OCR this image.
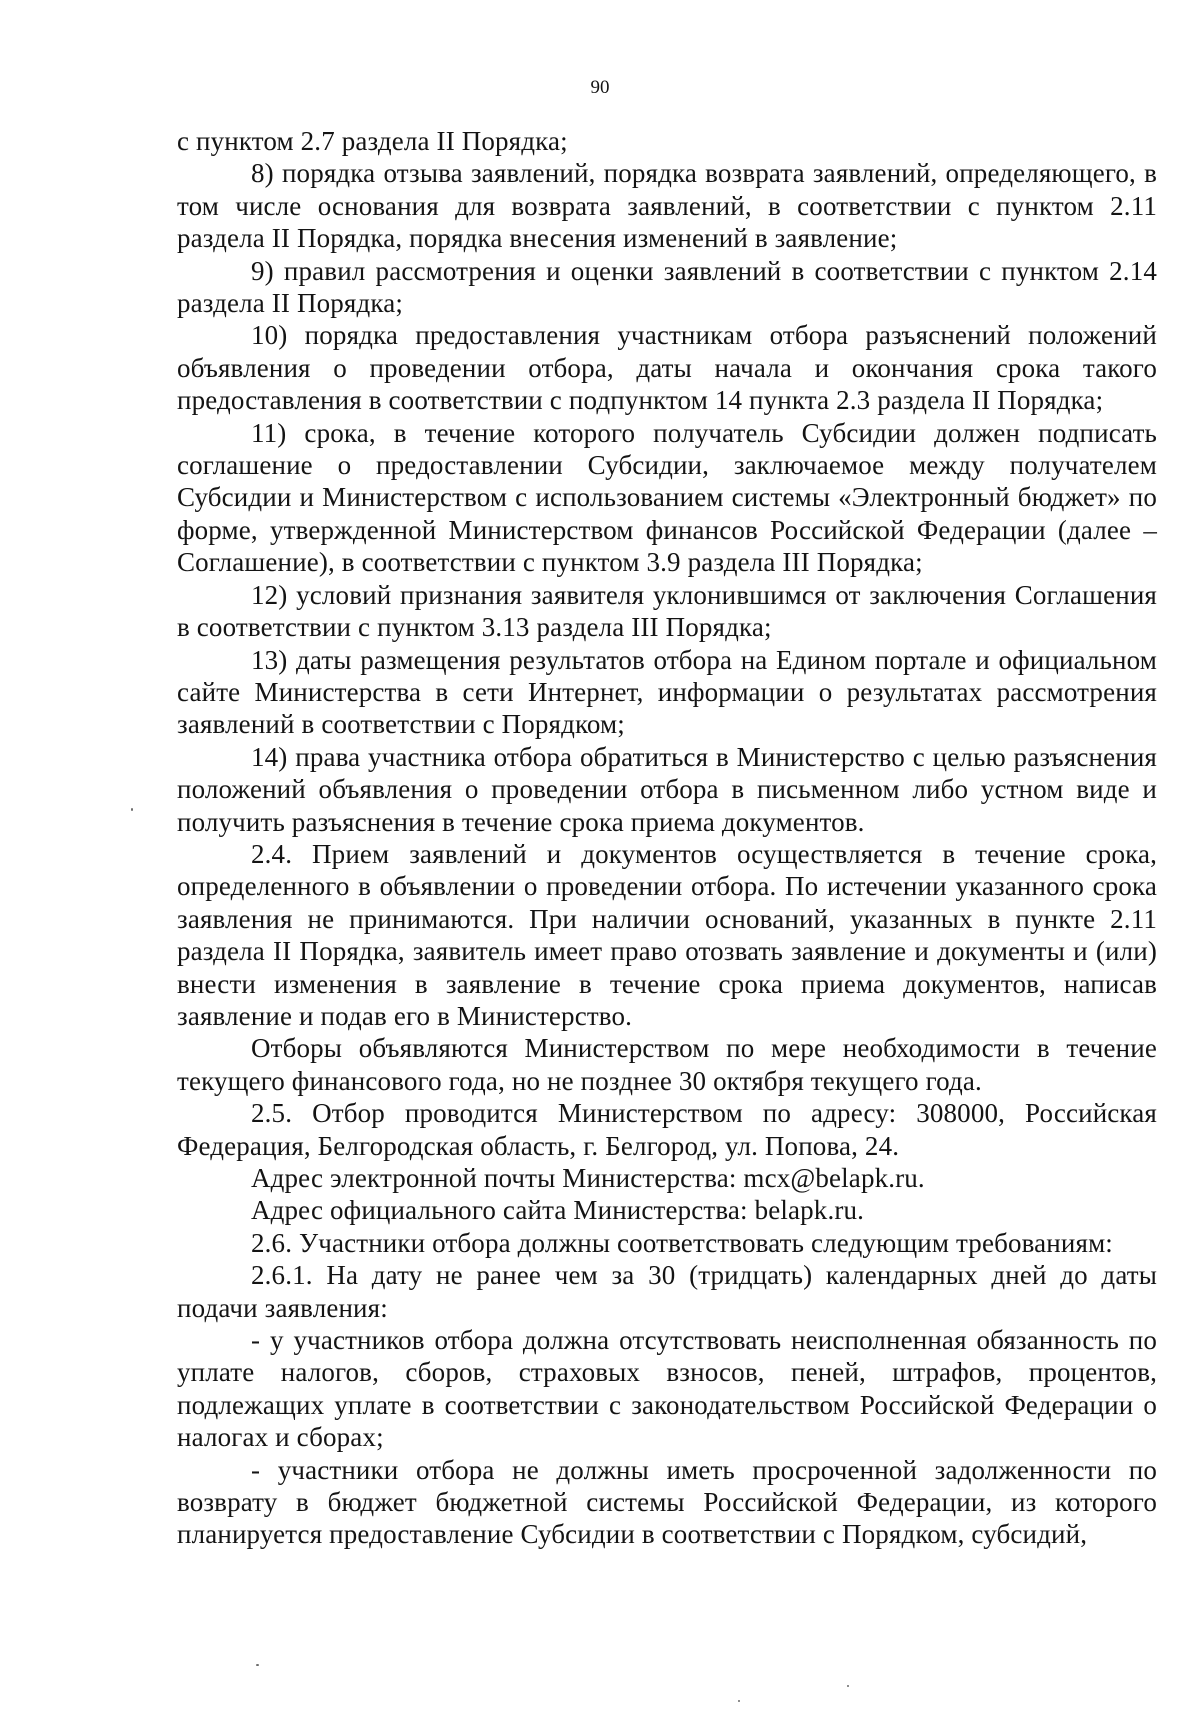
90

с пунктом 2.7 раздела II Порядка;

8) порядка отзыва заявлений, порядка возврата заявлений, определяющего, в том числе основания для возврата заявлений, в соответствии с пунктом 2.11 раздела II Порядка, порядка внесения изменений в заявление;

9) правил рассмотрения и оценки заявлений в соответствии с пунктом 2.14 раздела II Порядка;

10) порядка предоставления участникам отбора разъяснений положений объявления о проведении отбора, даты начала и окончания срока такого предоставления в соответствии с подпунктом 14 пункта 2.3 раздела II Порядка;

11) срока, в течение которого получатель Субсидии должен подписать соглашение о предоставлении Субсидии, заключаемое между получателем Субсидии и Министерством с использованием системы «Электронный бюджет» по форме, утвержденной Министерством финансов Российской Федерации (далее – Соглашение), в соответствии с пунктом 3.9 раздела III Порядка;

12) условий признания заявителя уклонившимся от заключения Соглашения в соответствии с пунктом 3.13 раздела III Порядка;

13) даты размещения результатов отбора на Едином портале и официальном сайте Министерства в сети Интернет, информации о результатах рассмотрения заявлений в соответствии с Порядком;

14) права участника отбора обратиться в Министерство с целью разъяснения положений объявления о проведении отбора в письменном либо устном виде и получить разъяснения в течение срока приема документов.

2.4. Прием заявлений и документов осуществляется в течение срока, определенного в объявлении о проведении отбора. По истечении указанного срока заявления не принимаются. При наличии оснований, указанных в пункте 2.11 раздела II Порядка, заявитель имеет право отозвать заявление и документы и (или) внести изменения в заявление в течение срока приема документов, написав заявление и подав его в Министерство.

Отборы объявляются Министерством по мере необходимости в течение текущего финансового года, но не позднее 30 октября текущего года.

2.5. Отбор проводится Министерством по адресу: 308000, Российская Федерация, Белгородская область, г. Белгород, ул. Попова, 24.

Адрес электронной почты Министерства: mcx@belapk.ru.

Адрес официального сайта Министерства: belapk.ru.

2.6. Участники отбора должны соответствовать следующим требованиям:

2.6.1. На дату не ранее чем за 30 (тридцать) календарных дней до даты подачи заявления:

- у участников отбора должна отсутствовать неисполненная обязанность по уплате налогов, сборов, страховых взносов, пеней, штрафов, процентов, подлежащих уплате в соответствии с законодательством Российской Федерации о налогах и сборах;

- участники отбора не должны иметь просроченной задолженности по возврату в бюджет бюджетной системы Российской Федерации, из которого планируется предоставление Субсидии в соответствии с Порядком, субсидий,
